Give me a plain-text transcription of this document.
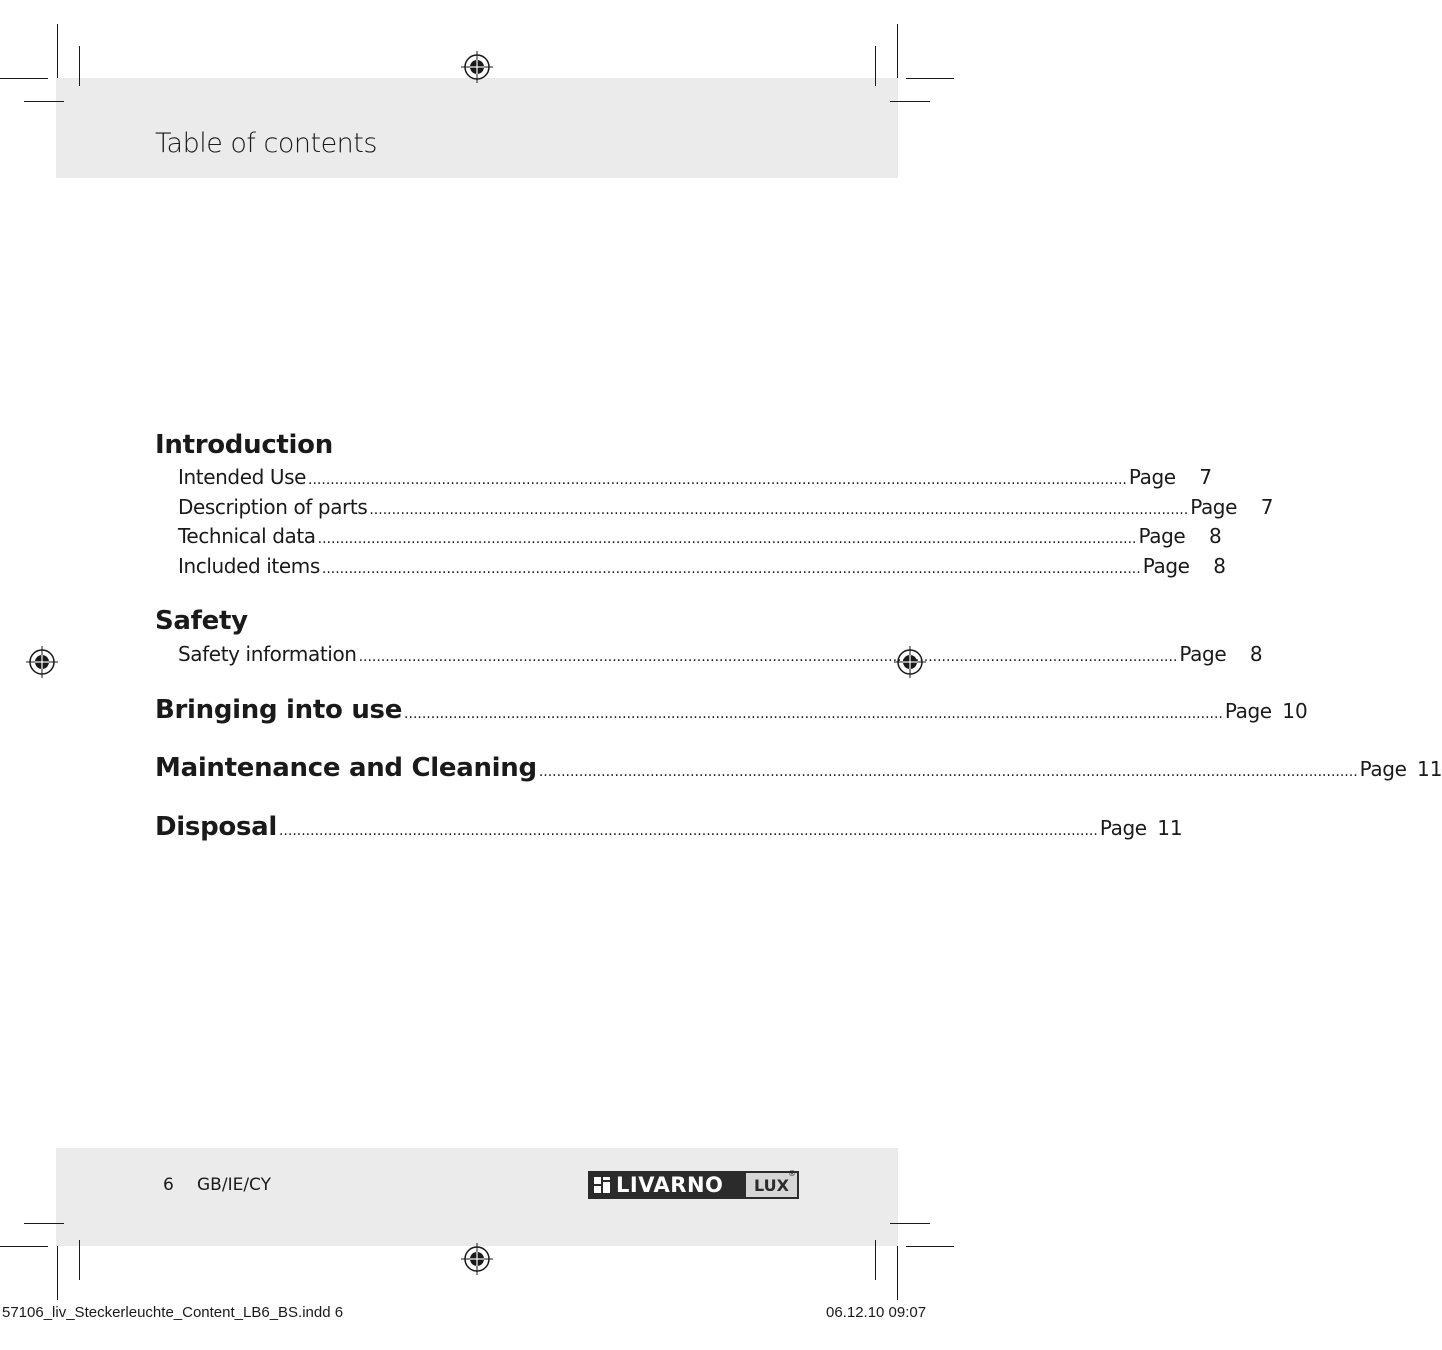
Table of contents
Introduction
Intended Use ........................................................................................................................................................................................ Page	7
Description of parts ........................................................................................................................................................................................ Page	7
Technical data ........................................................................................................................................................................................ Page	8
Included items ........................................................................................................................................................................................ Page	8
Safety
Safety information ........................................................................................................................................................................................ Page	8
Bringing into use ........................................................................................................................................................................................ Page 10
Maintenance and Cleaning ........................................................................................................................................................................................ Page 11
Disposal ........................................................................................................................................................................................ Page 11
6 GB/IE/CY	LIVARNO LUX
®
57106_liv_Steckerleuchte_Content_LB6_BS.indd 6	06.12.10 09:07
